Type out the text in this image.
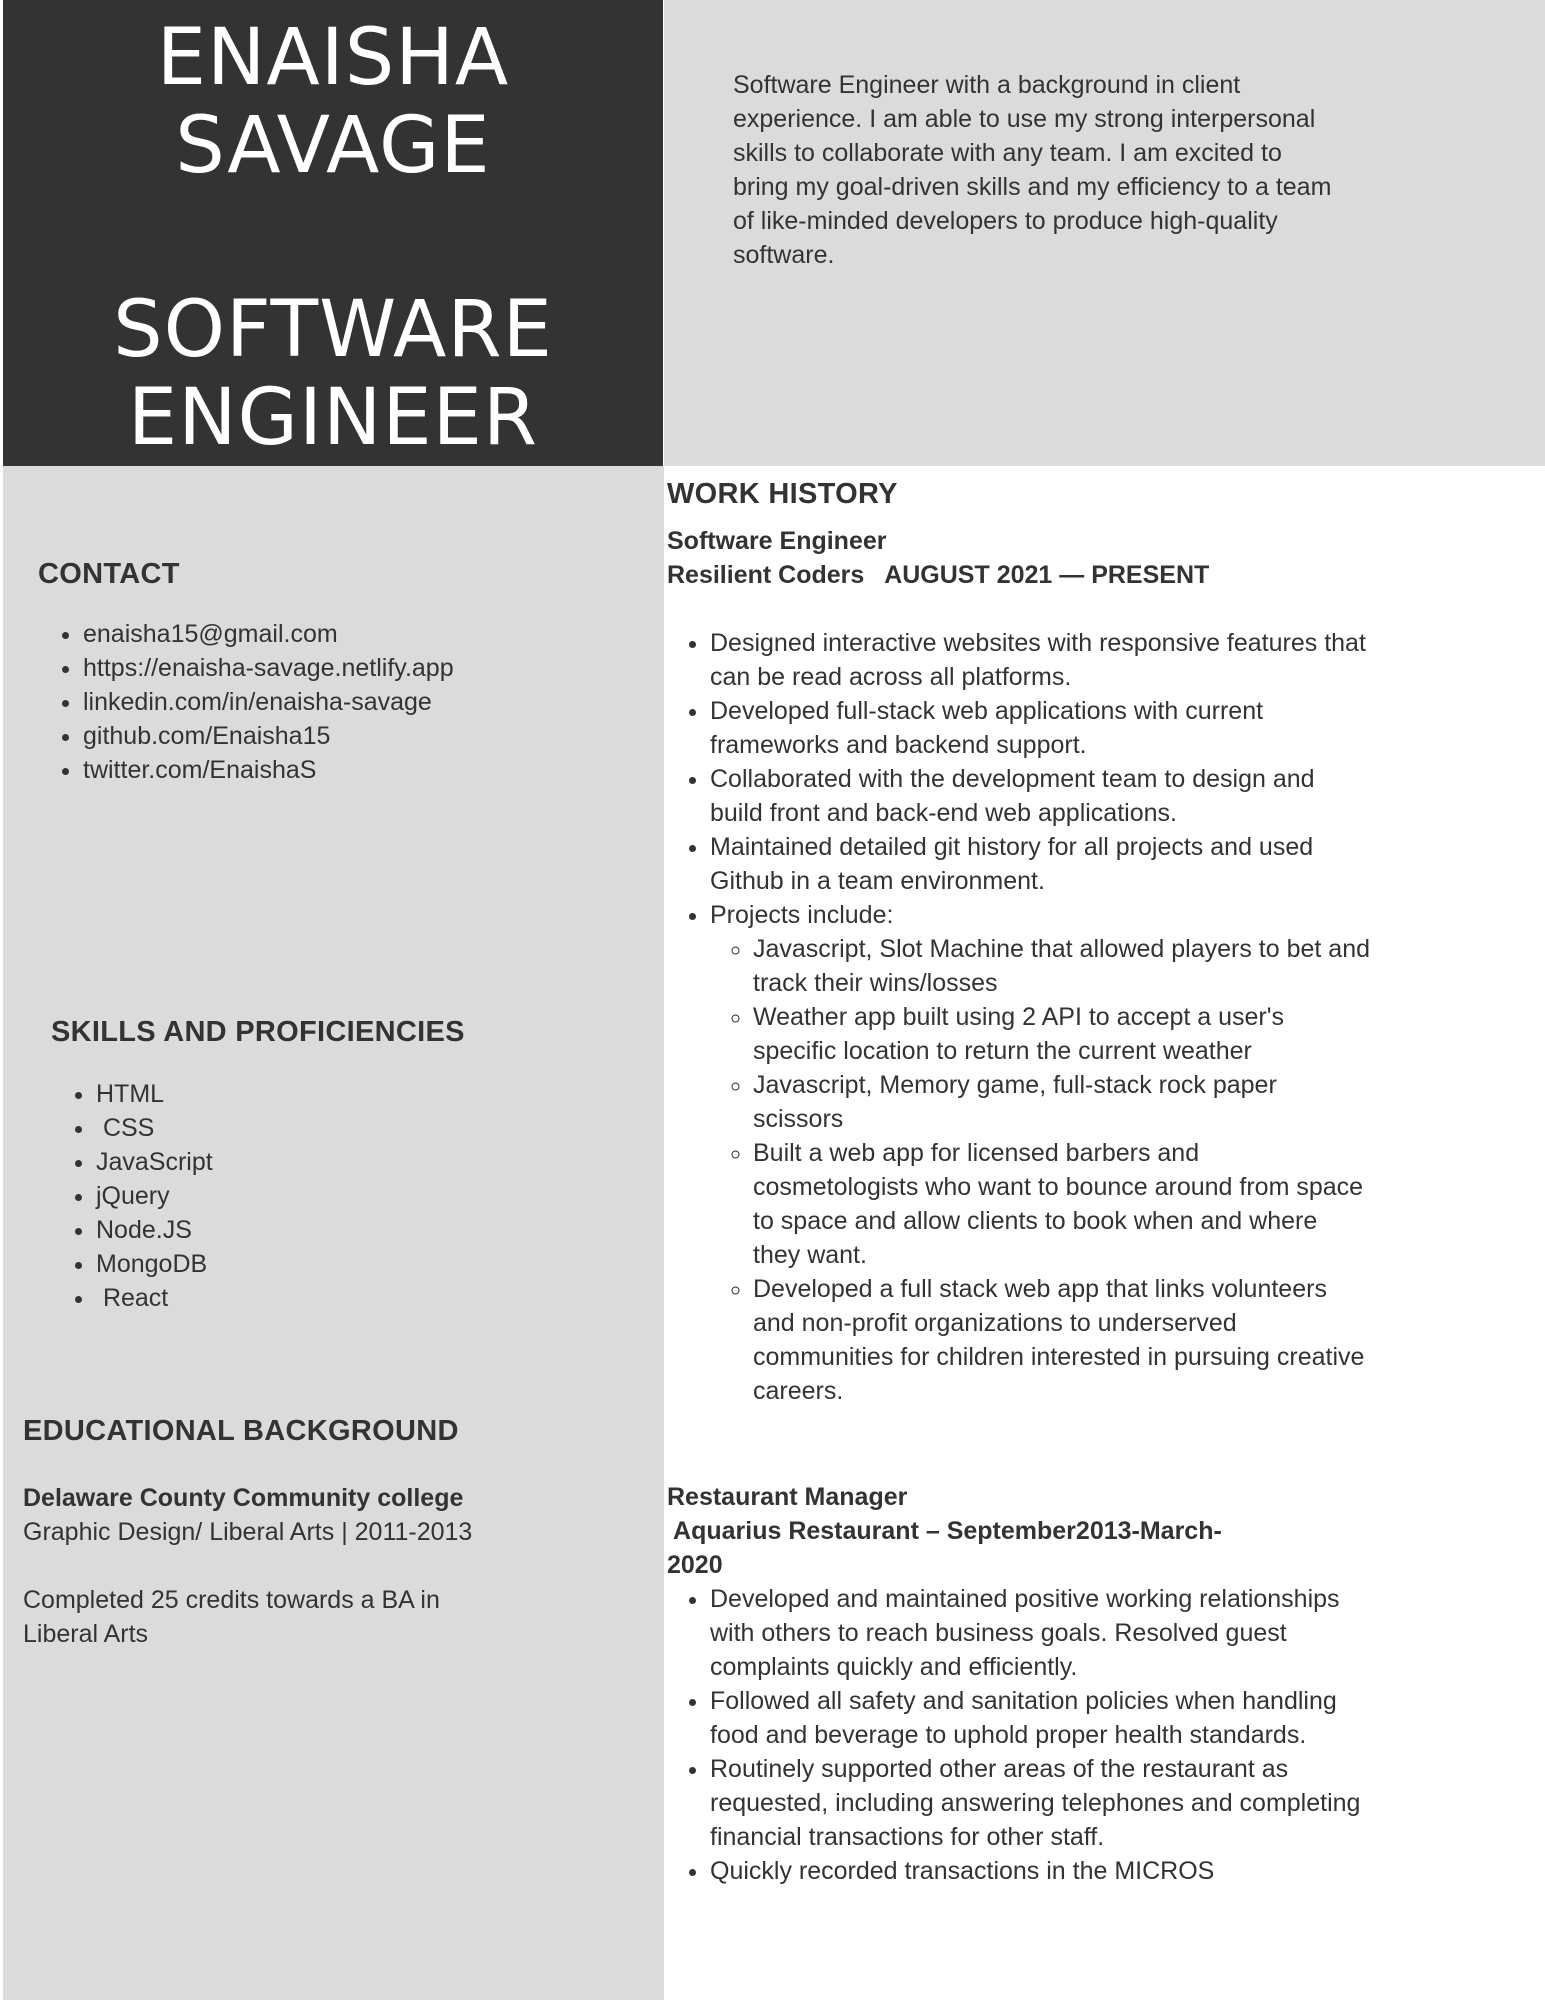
ENAISHA
SAVAGE
SOFTWARE
ENGINEER
Software Engineer with a background in client experience. I am able to use my strong interpersonal skills to collaborate with any team. I am excited to bring my goal-driven skills and my efficiency to a team of like-minded developers to produce high-quality software.
CONTACT
• enaisha15@gmail.com
• https://enaisha-savage.netlify.app
• linkedin.com/in/enaisha-savage
• github.com/Enaisha15
• twitter.com/EnaishaS
SKILLS AND PROFICIENCIES
• HTML
•  CSS
• JavaScript
• jQuery
• Node.JS
• MongoDB
•  React
EDUCATIONAL BACKGROUND
Delaware County Community college
Graphic Design/ Liberal Arts | 2011-2013
Completed 25 credits towards a BA in
Liberal Arts
WORK HISTORY
Software Engineer
Resilient Coders   AUGUST 2021 — PRESENT
• Designed interactive websites with responsive features that can be read across all platforms.
• Developed full-stack web applications with current frameworks and backend support.
• Collaborated with the development team to design and build front and back-end web applications.
• Maintained detailed git history for all projects and used Github in a team environment.
• Projects include:
◦ Javascript, Slot Machine that allowed players to bet and track their wins/losses
◦ Weather app built using 2 API to accept a user's specific location to return the current weather
◦ Javascript, Memory game, full-stack rock paper scissors
◦ Built a web app for licensed barbers and cosmetologists who want to bounce around from space to space and allow clients to book when and where they want.
◦ Developed a full stack web app that links volunteers and non-profit organizations to underserved communities for children interested in pursuing creative careers.
Restaurant Manager
Aquarius Restaurant – September2013-March-
2020
• Developed and maintained positive working relationships with others to reach business goals. Resolved guest complaints quickly and efficiently.
• Followed all safety and sanitation policies when handling food and beverage to uphold proper health standards.
• Routinely supported other areas of the restaurant as requested, including answering telephones and completing financial transactions for other staff.
• Quickly recorded transactions in the MICROS
